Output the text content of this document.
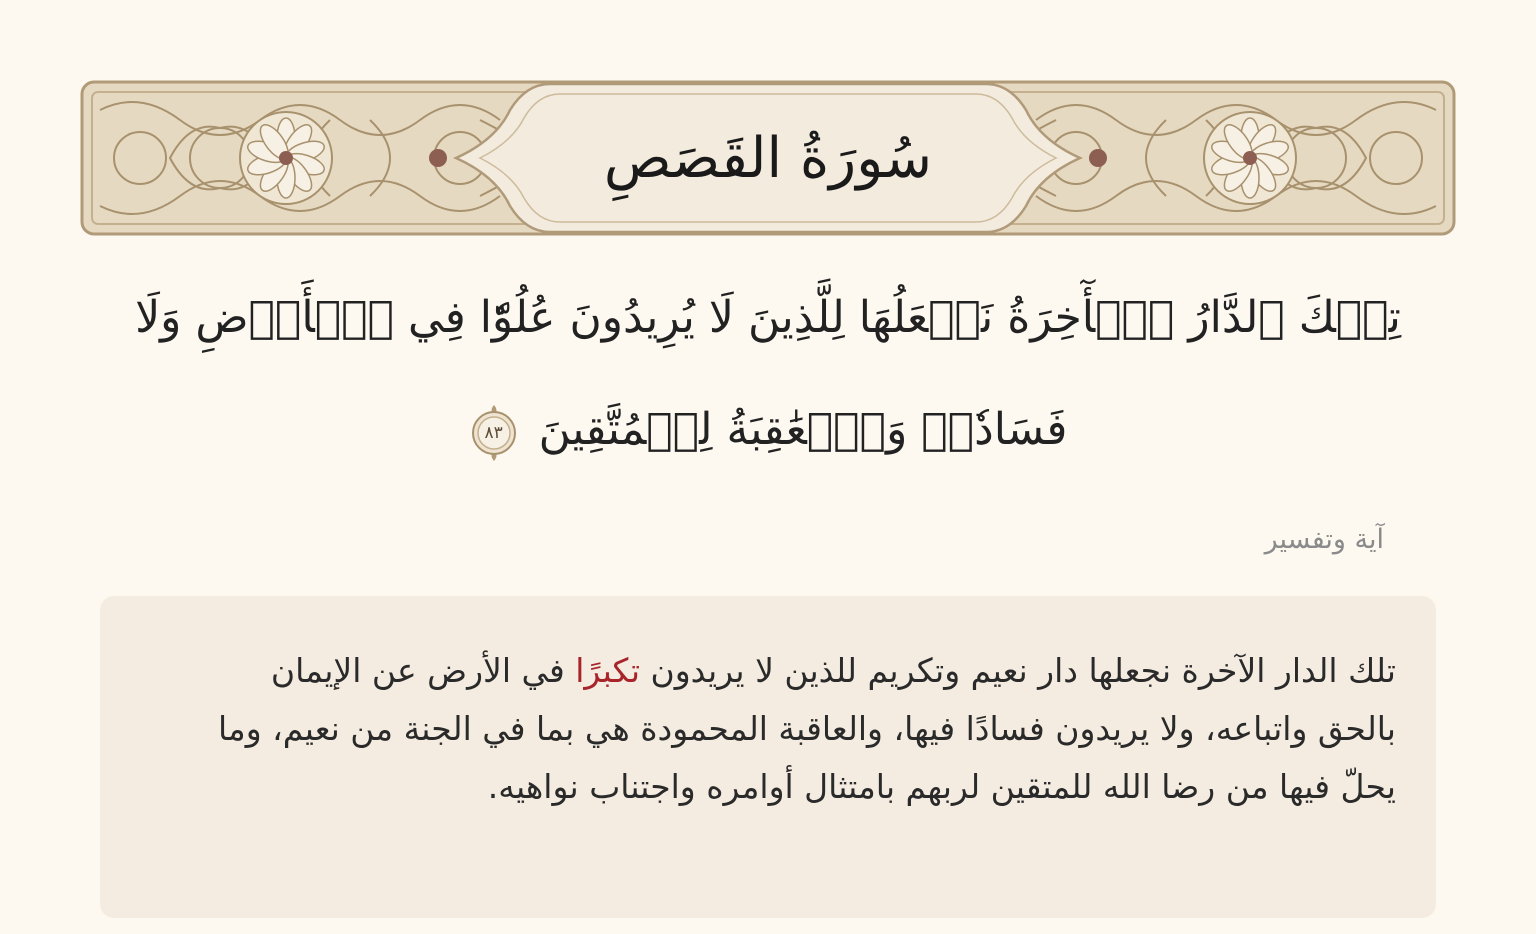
سُورَةُ القَصَصِ
تِلۡكَ ٱلدَّارُ ٱلۡأٓخِرَةُ نَجۡعَلُهَا لِلَّذِينَ لَا يُرِيدُونَ عُلُوّٗا فِي ٱلۡأَرۡضِ وَلَا فَسَادٗاۚ وَٱلۡعَٰقِبَةُ لِلۡمُتَّقِينَ
٨٣
آية وتفسير
تلك الدار الآخرة نجعلها دار نعيم وتكريم للذين لا يريدون تكبرًا في الأرض عن الإيمان بالحق واتباعه، ولا يريدون فسادًا فيها، والعاقبة المحمودة هي بما في الجنة من نعيم، وما يحلّ فيها من رضا الله للمتقين لربهم بامتثال أوامره واجتناب نواهيه.
